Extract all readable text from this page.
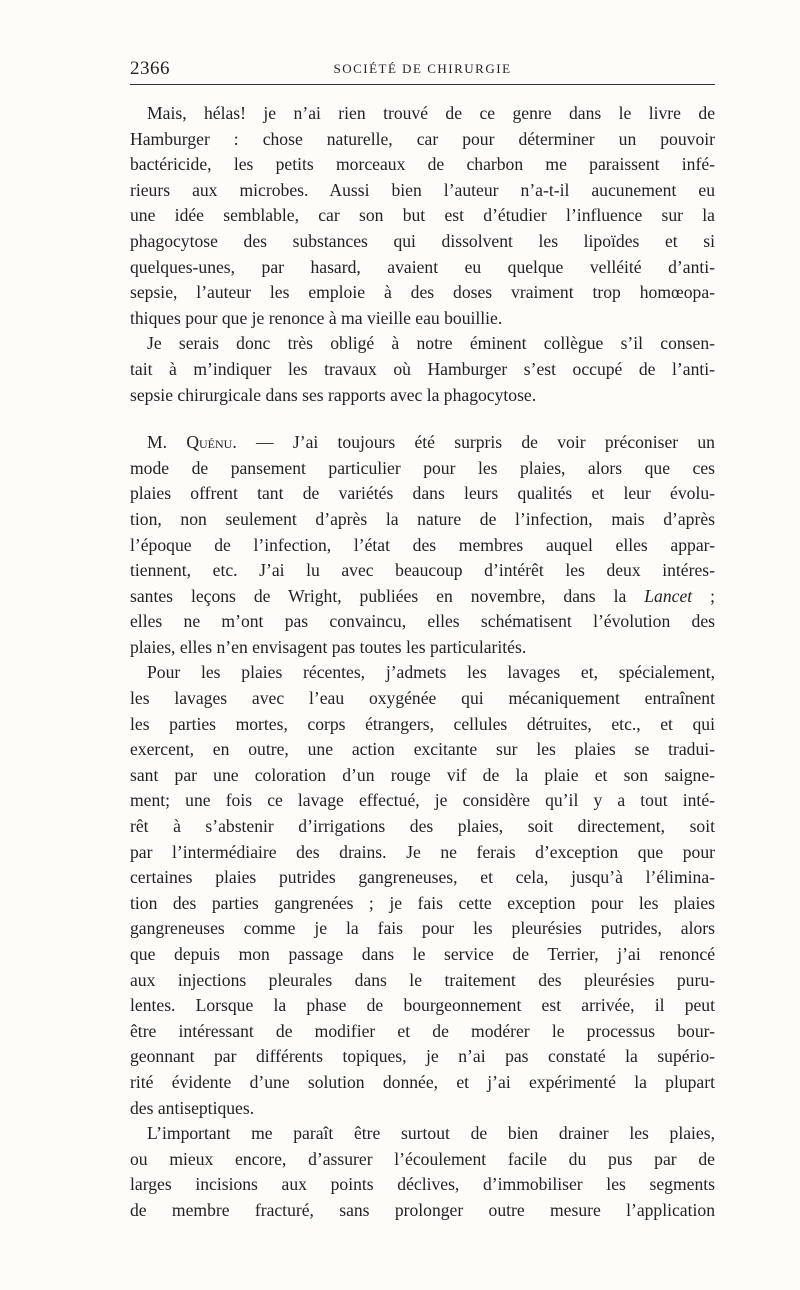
2366	SOCIÉTÉ DE CHIRURGIE

Mais, hélas! je n’ai rien trouvé de ce genre dans le livre de
Hamburger : chose naturelle, car pour déterminer un pouvoir
bactéricide, les petits morceaux de charbon me paraissent infé-
rieurs aux microbes. Aussi bien l’auteur n’a-t-il aucunement eu
une idée semblable, car son but est d’étudier l’influence sur la
phagocytose des substances qui dissolvent les lipoïdes et si
quelques-unes, par hasard, avaient eu quelque velléité d’anti-
sepsie, l’auteur les emploie à des doses vraiment trop homœopa-
thiques pour que je renonce à ma vieille eau bouillie.

Je serais donc très obligé à notre éminent collègue s’il consen-
tait à m’indiquer les travaux où Hamburger s’est occupé de l’anti-
sepsie chirurgicale dans ses rapports avec la phagocytose.

M. Quénu. — J’ai toujours été surpris de voir préconiser un
mode de pansement particulier pour les plaies, alors que ces
plaies offrent tant de variétés dans leurs qualités et leur évolu-
tion, non seulement d’après la nature de l’infection, mais d’après
l’époque de l’infection, l’état des membres auquel elles appar-
tiennent, etc. J’ai lu avec beaucoup d’intérêt les deux intéres-
santes leçons de Wright, publiées en novembre, dans la Lancet ;
elles ne m’ont pas convaincu, elles schématisent l’évolution des
plaies, elles n’en envisagent pas toutes les particularités.

Pour les plaies récentes, j’admets les lavages et, spécialement,
les lavages avec l’eau oxygénée qui mécaniquement entraînent
les parties mortes, corps étrangers, cellules détruites, etc., et qui
exercent, en outre, une action excitante sur les plaies se tradui-
sant par une coloration d’un rouge vif de la plaie et son saigne-
ment; une fois ce lavage effectué, je considère qu’il y a tout inté-
rêt à s’abstenir d’irrigations des plaies, soit directement, soit
par l’intermédiaire des drains. Je ne ferais d’exception que pour
certaines plaies putrides gangreneuses, et cela, jusqu’à l’élimina-
tion des parties gangrenées ; je fais cette exception pour les plaies
gangreneuses comme je la fais pour les pleurésies putrides, alors
que depuis mon passage dans le service de Terrier, j’ai renoncé
aux injections pleurales dans le traitement des pleurésies puru-
lentes. Lorsque la phase de bourgeonnement est arrivée, il peut
être intéressant de modifier et de modérer le processus bour-
geonnant par différents topiques, je n’ai pas constaté la supério-
rité évidente d’une solution donnée, et j’ai expérimenté la plupart
des antiseptiques.

L’important me paraît être surtout de bien drainer les plaies,
ou mieux encore, d’assurer l’écoulement facile du pus par de
larges incisions aux points déclives, d’immobiliser les segments
de membre fracturé, sans prolonger outre mesure l’application
